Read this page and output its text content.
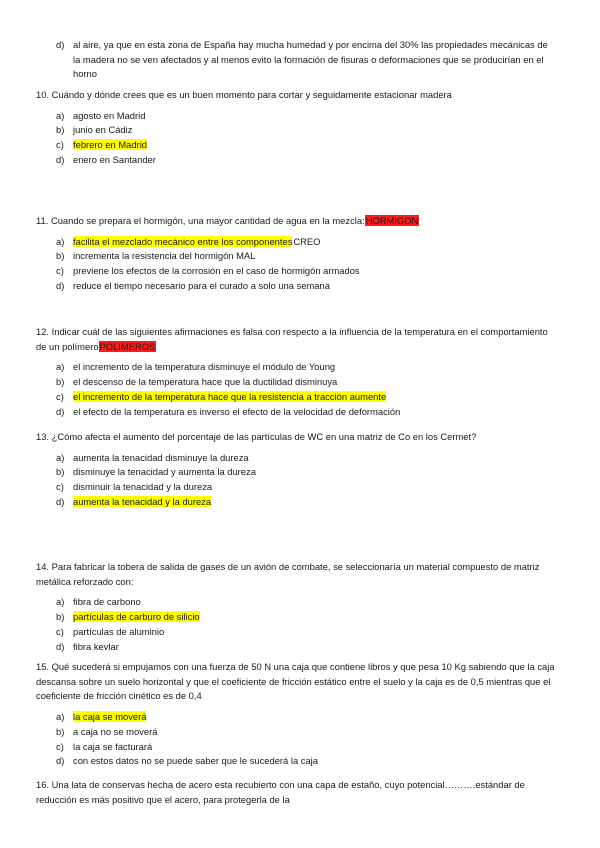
d) al aire, ya que en esta zona de España hay mucha humedad y por encima del 30% las propiedades mecánicas de la madera no se ven afectados y al menos evito la formación de fisuras o deformaciones que se producirían en el horno

10. Cuándo y dónde crees que es un buen momento para cortar y seguidamente estacionar madera

a) agosto en Madrid
b) junio en Cádiz
c) febrero en Madrid
d) enero en Santander

11. Cuando se prepara el hormigón, una mayor cantidad de agua en la mezcla:HORMIGON

a) facilita el mezclado mecánico entre los componentesCREO
b) incrementa la resistencia del hormigón MAL
c) previene los efectos de la corrosión en el caso de hormigón armados
d) reduce el tiempo necesario para el curado a solo una semana

12. Indicar cuál de las siguientes afirmaciones es falsa con respecto a la influencia de la temperatura en el comportamiento de un polímeroPOLIMEROS

a) el incremento de la temperatura disminuye el módulo de Young
b) el descenso de la temperatura hace que la ductilidad disminuya
c) el incremento de la temperatura hace que la resistencia a tracción aumente
d) el efecto de la temperatura es inverso el efecto de la velocidad de deformación

13. ¿Cómo afecta el aumento del porcentaje de las partículas de WC en una matriz de Co en los Cermet?

a) aumenta la tenacidad disminuye la dureza
b) disminuye la tenacidad y aumenta la dureza
c) disminuir la tenacidad y la dureza
d) aumenta la tenacidad y la dureza

14. Para fabricar la tobera de salida de gases de un avión de combate, se seleccionaría un material compuesto de matriz metálica reforzado con:

a) fibra de carbono
b) partículas de carburo de silicio
c) partículas de aluminio
d) fibra kevlar

15. Qué sucederá si empujamos con una fuerza de 50 N una caja que contiene libros y que pesa 10 Kg sabiendo que la caja descansa sobre un suelo horizontal y que el coeficiente de fricción estático entre el suelo y la caja es de 0,5 mientras que el coeficiente de fricción cinético es de 0,4

a) la caja se moverá
b) a caja no se moverá
c) la caja se facturará
d) con estos datos no se puede saber que le sucederá la caja

16. Una lata de conservas hecha de acero esta recubierto con una capa de estaño, cuyo potencial……….estándar de reducción es más positivo que el acero, para protegerla de la
